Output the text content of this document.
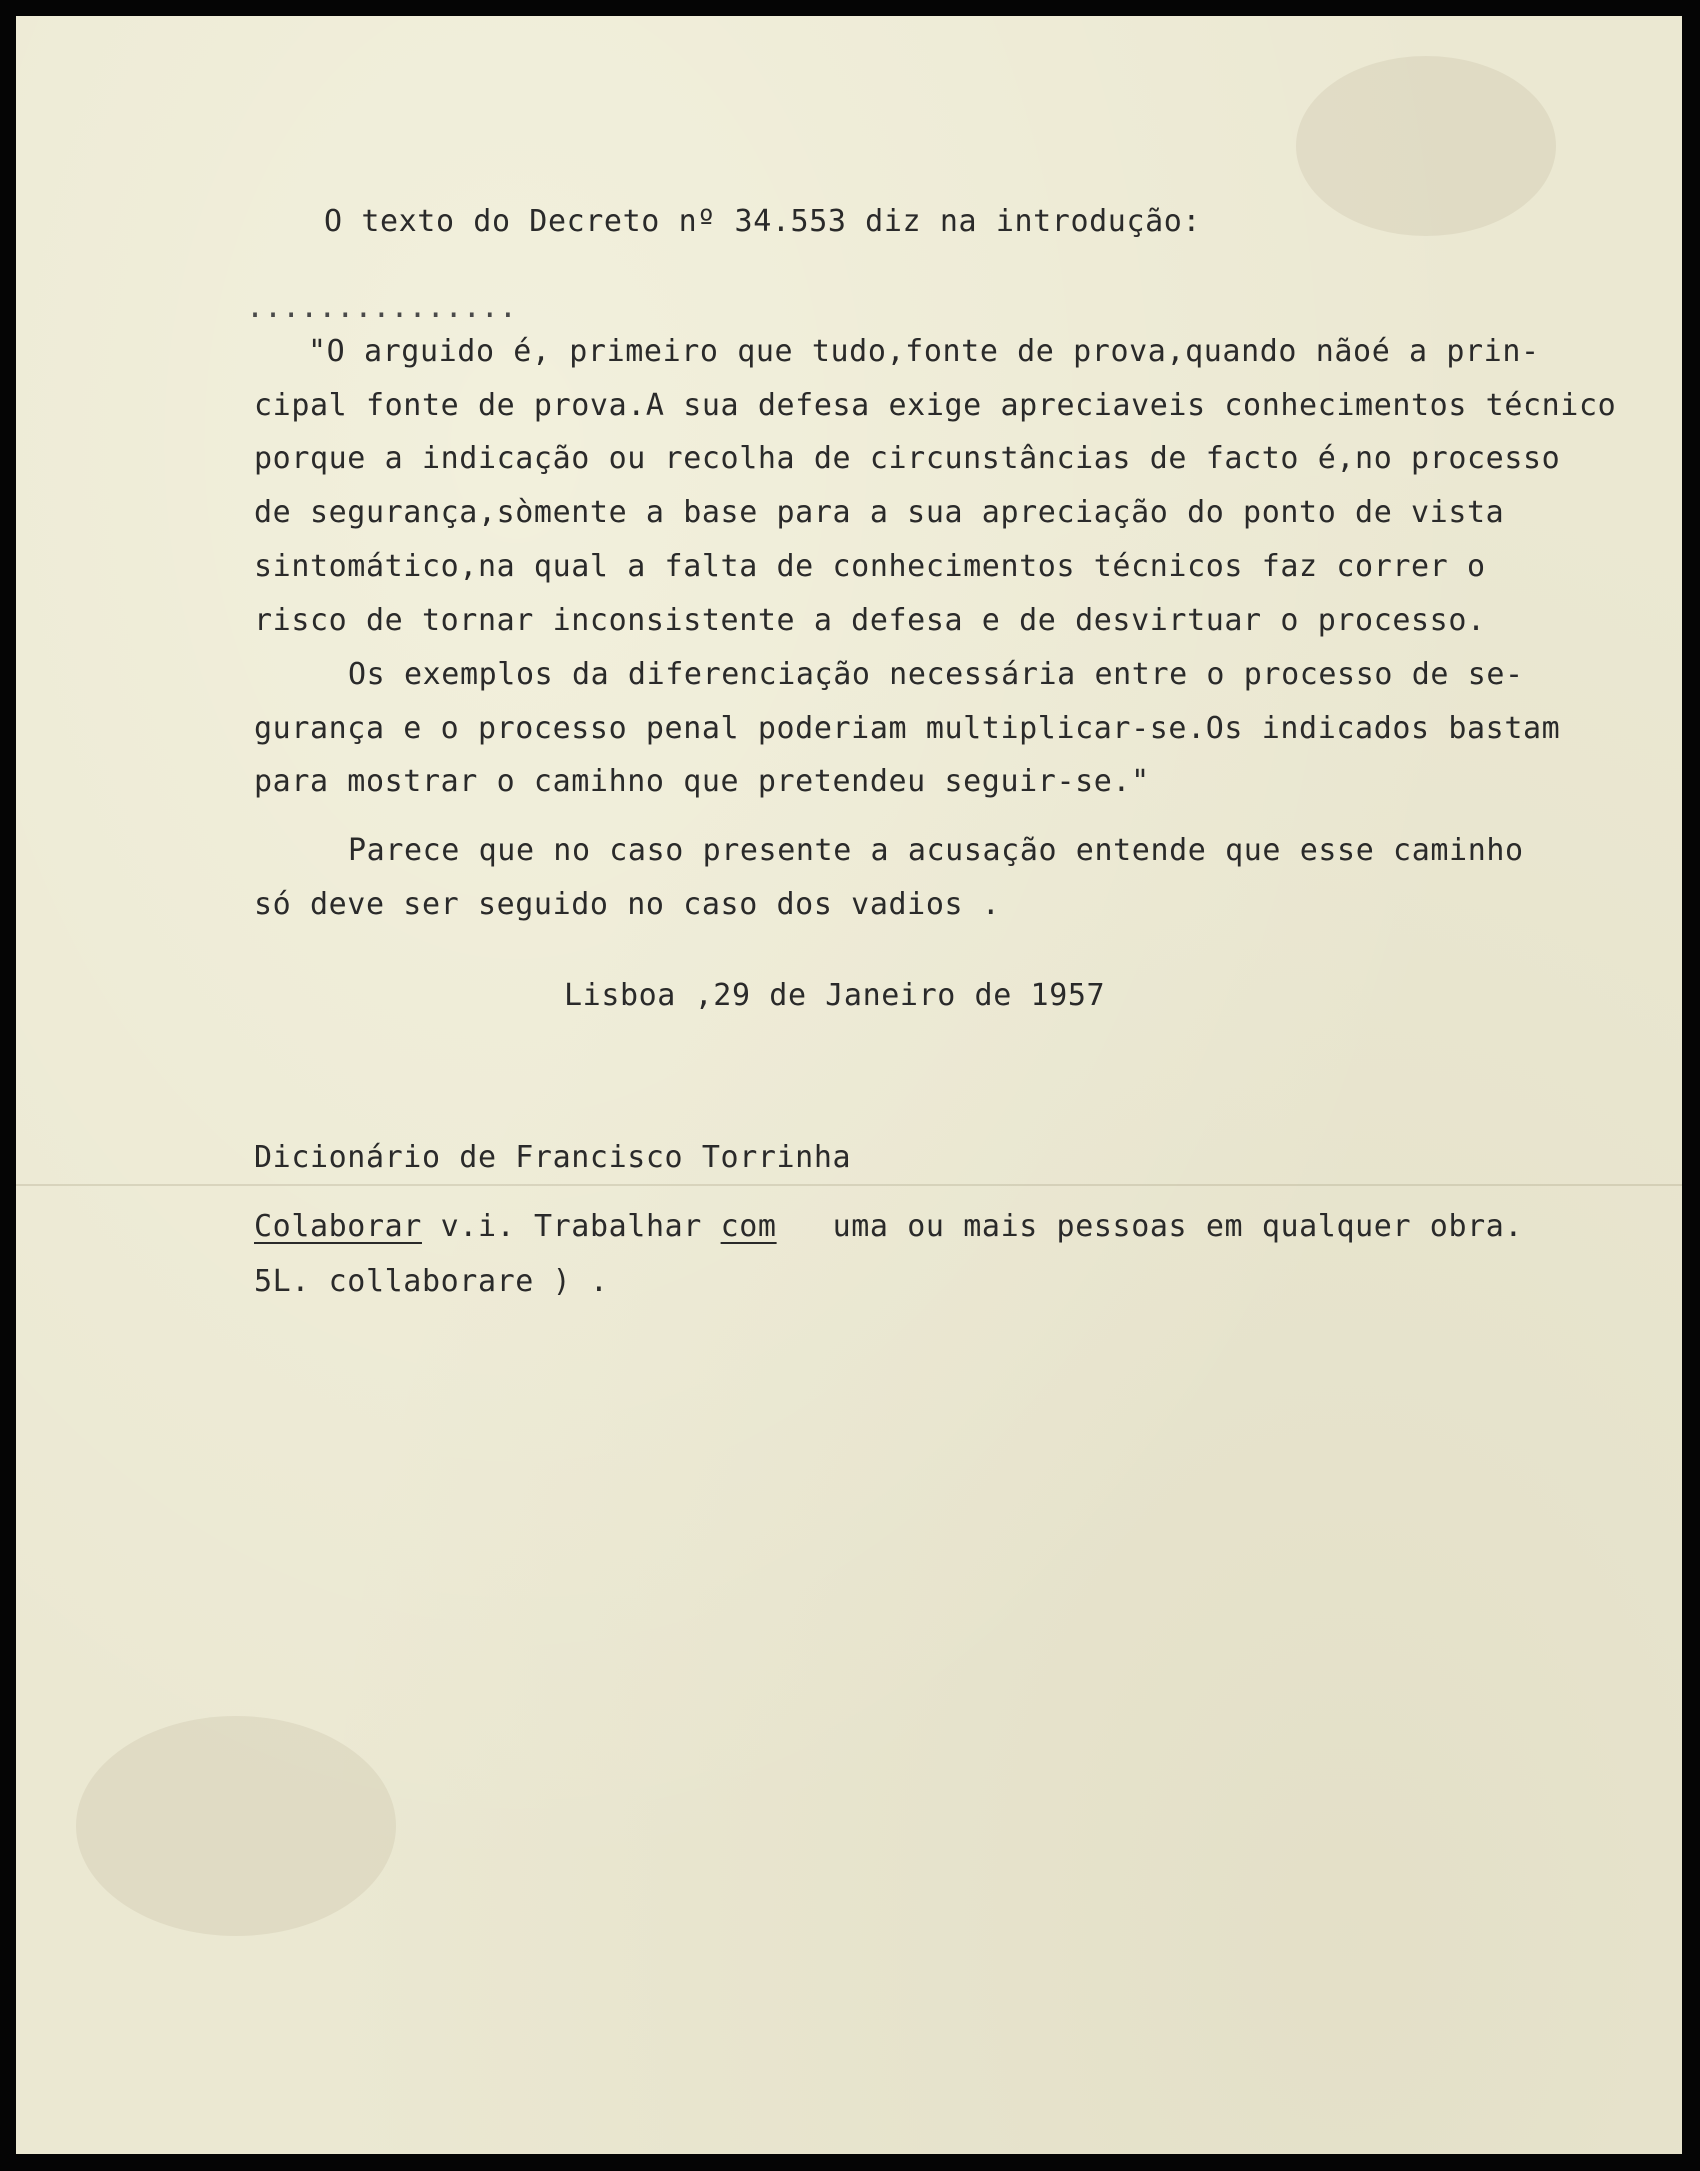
O texto do Decreto nº 34.553 diz na introdução:
...............
"O arguido é, primeiro que tudo,fonte de prova,quando nãoé a prin-
cipal fonte de prova.A sua defesa exige apreciaveis conhecimentos técnico
porque a indicação ou recolha de circunstâncias de facto é,no processo
de segurança,sòmente a base para a sua apreciação do ponto de vista
sintomático,na qual a falta de conhecimentos técnicos faz correr o
risco de tornar inconsistente a defesa e de desvirtuar o processo.
Os exemplos da diferenciação necessária entre o processo de se-
gurança e o processo penal poderiam multiplicar-se.Os indicados bastam
para mostrar o camihno que pretendeu seguir-se."
Parece que no caso presente a acusação entende que esse caminho
só deve ser seguido no caso dos vadios .
Lisboa ,29 de Janeiro de 1957
Dicionário de Francisco Torrinha
Colaborar v.i. Trabalhar com uma ou mais pessoas em qualquer obra.
5L. collaborare ) .
